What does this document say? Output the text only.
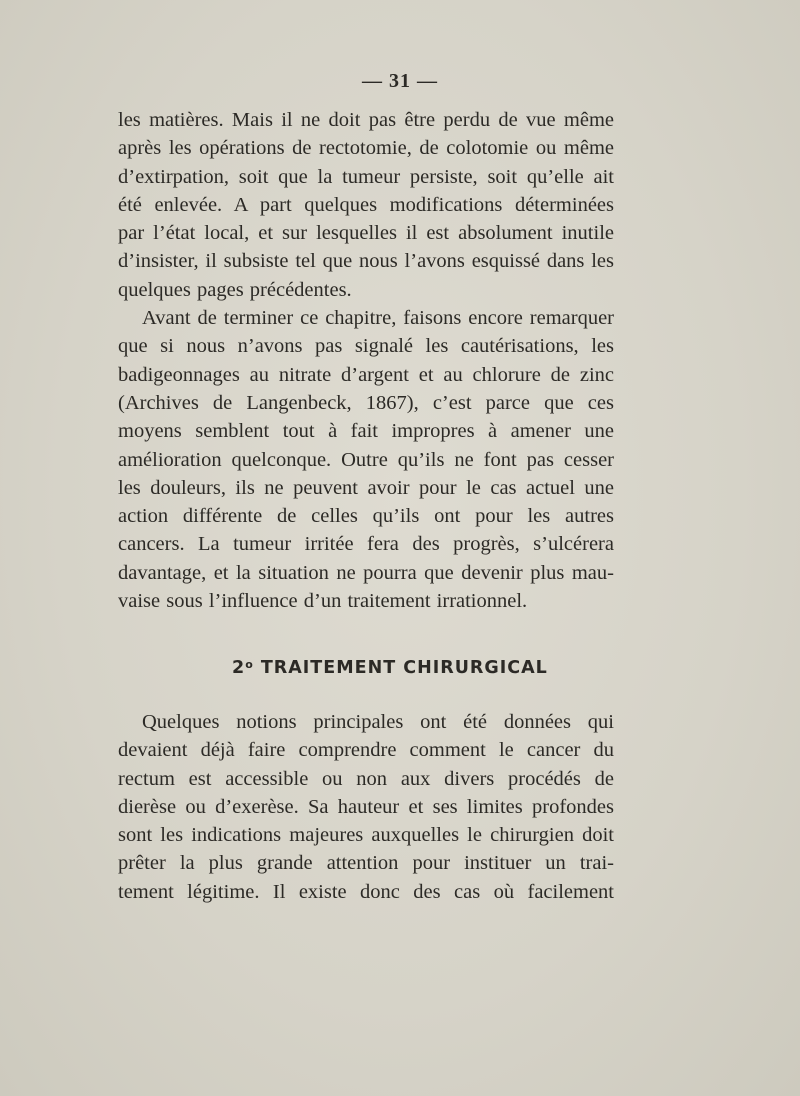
— 31 —
les matières. Mais il ne doit pas être perdu de vue même
après les opérations de rectotomie, de colotomie ou même
d’extirpation, soit que la tumeur persiste, soit qu’elle ait
été enlevée. A part quelques modifications déterminées
par l’état local, et sur lesquelles il est absolument inutile
d’insister, il subsiste tel que nous l’avons esquissé dans les
quelques pages précédentes.
Avant de terminer ce chapitre, faisons encore remarquer
que si nous n’avons pas signalé les cautérisations, les
badigeonnages au nitrate d’argent et au chlorure de zinc
(Archives de Langenbeck, 1867), c’est parce que ces
moyens semblent tout à fait impropres à amener une
amélioration quelconque. Outre qu’ils ne font pas cesser
les douleurs, ils ne peuvent avoir pour le cas actuel une
action différente de celles qu’ils ont pour les autres
cancers. La tumeur irritée fera des progrès, s’ulcérera
davantage, et la situation ne pourra que devenir plus mau-
vaise sous l’influence d’un traitement irrationnel.
2$^o$ TRAITEMENT CHIRURGICAL
Quelques notions principales ont été données qui
devaient déjà faire comprendre comment le cancer du
rectum est accessible ou non aux divers procédés de
dierèse ou d’exerèse. Sa hauteur et ses limites profondes
sont les indications majeures auxquelles le chirurgien doit
prêter la plus grande attention pour instituer un trai-
tement légitime. Il existe donc des cas où facilement
